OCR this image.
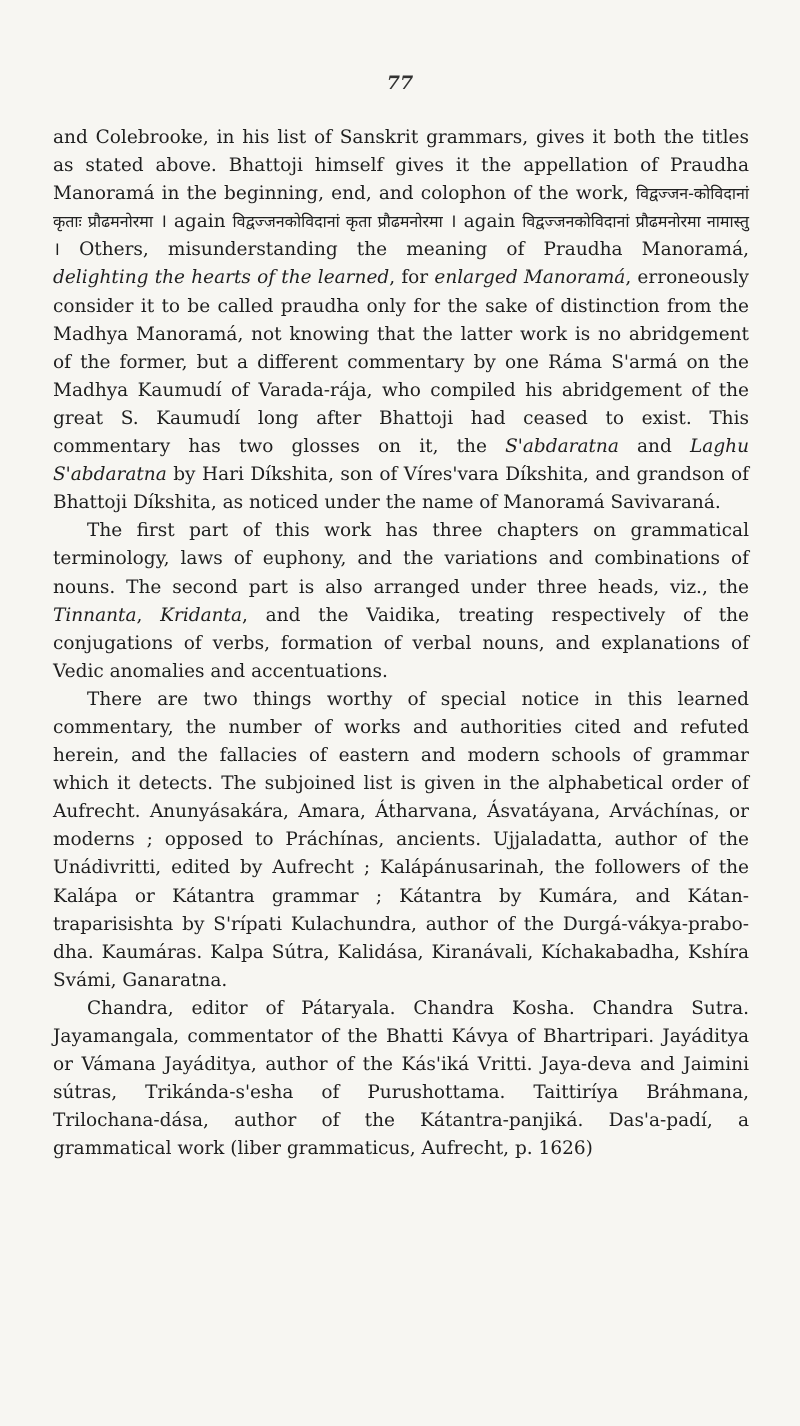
77

and Colebrooke, in his list of Sanskrit grammars, gives it both the titles as stated above. Bhattoji himself gives it the appellation of Praudha Manoramá in the beginning, end, and colophon of the work, विद्वज्जन-कोविदानां कृताः प्रौढमनोरमा । again विद्वज्जनकोविदानां कृता प्रौढमनोरमा । again विद्वज्जनकोविदानां प्रौढमनोरमा नामास्तु । Others, misunderstanding the meaning of Praudha Manoramá, delighting the hearts of the learned, for enlarged Manoramá, erroneously consider it to be called praudha only for the sake of distinction from the Madhya Manoramá, not knowing that the latter work is no abridgement of the former, but a different commentary by one Ráma S'armá on the Madhya Kaumudí of Varada-rája, who compiled his abridgement of the great S. Kaumudí long after Bhattoji had ceased to exist. This commentary has two glosses on it, the S'abdaratna and Laghu S'abdaratna by Hari Díkshita, son of Víres'vara Díkshita, and grandson of Bhattoji Díkshita, as noticed under the name of Manoramá Savivaraná.

The first part of this work has three chapters on grammatical terminology, laws of euphony, and the variations and combinations of nouns. The second part is also arranged under three heads, viz., the Tinnanta, Kridanta, and the Vaidika, treating respectively of the conjugations of verbs, formation of verbal nouns, and explanations of Vedic anomalies and accentuations.

There are two things worthy of special notice in this learned commentary, the number of works and authorities cited and refuted herein, and the fallacies of eastern and modern schools of grammar which it detects. The subjoined list is given in the alphabetical order of Aufrecht. Anunyásakára, Amara, Átharvana, Ásvatáyana, Arváchínas, or moderns ; opposed to Práchínas, ancients. Ujjaladatta, author of the Unádivritti, edited by Aufrecht ; Kalápánusarinah, the followers of the Kalápa or Kátantra grammar ; Kátantra by Kumára, and Kátan-traparisishta by S'rípati Kulachundra, author of the Durgá-vákya-prabo-dha. Kaumáras. Kalpa Sútra, Kalidása, Kiranávali, Kíchakabadha, Kshíra Svámi, Ganaratna.

Chandra, editor of Pátaryala. Chandra Kosha. Chandra Sutra. Jayamangala, commentator of the Bhatti Kávya of Bhartripari. Jayáditya or Vámana Jayáditya, author of the Kás'iká Vritti. Jaya-deva and Jaimini sútras, Trikánda-s'esha of Purushottama. Taittiríya Bráhmana, Trilochana-dása, author of the Kátantra-panjiká. Das'a-padí, a grammatical work (liber grammaticus, Aufrecht, p. 1626)
